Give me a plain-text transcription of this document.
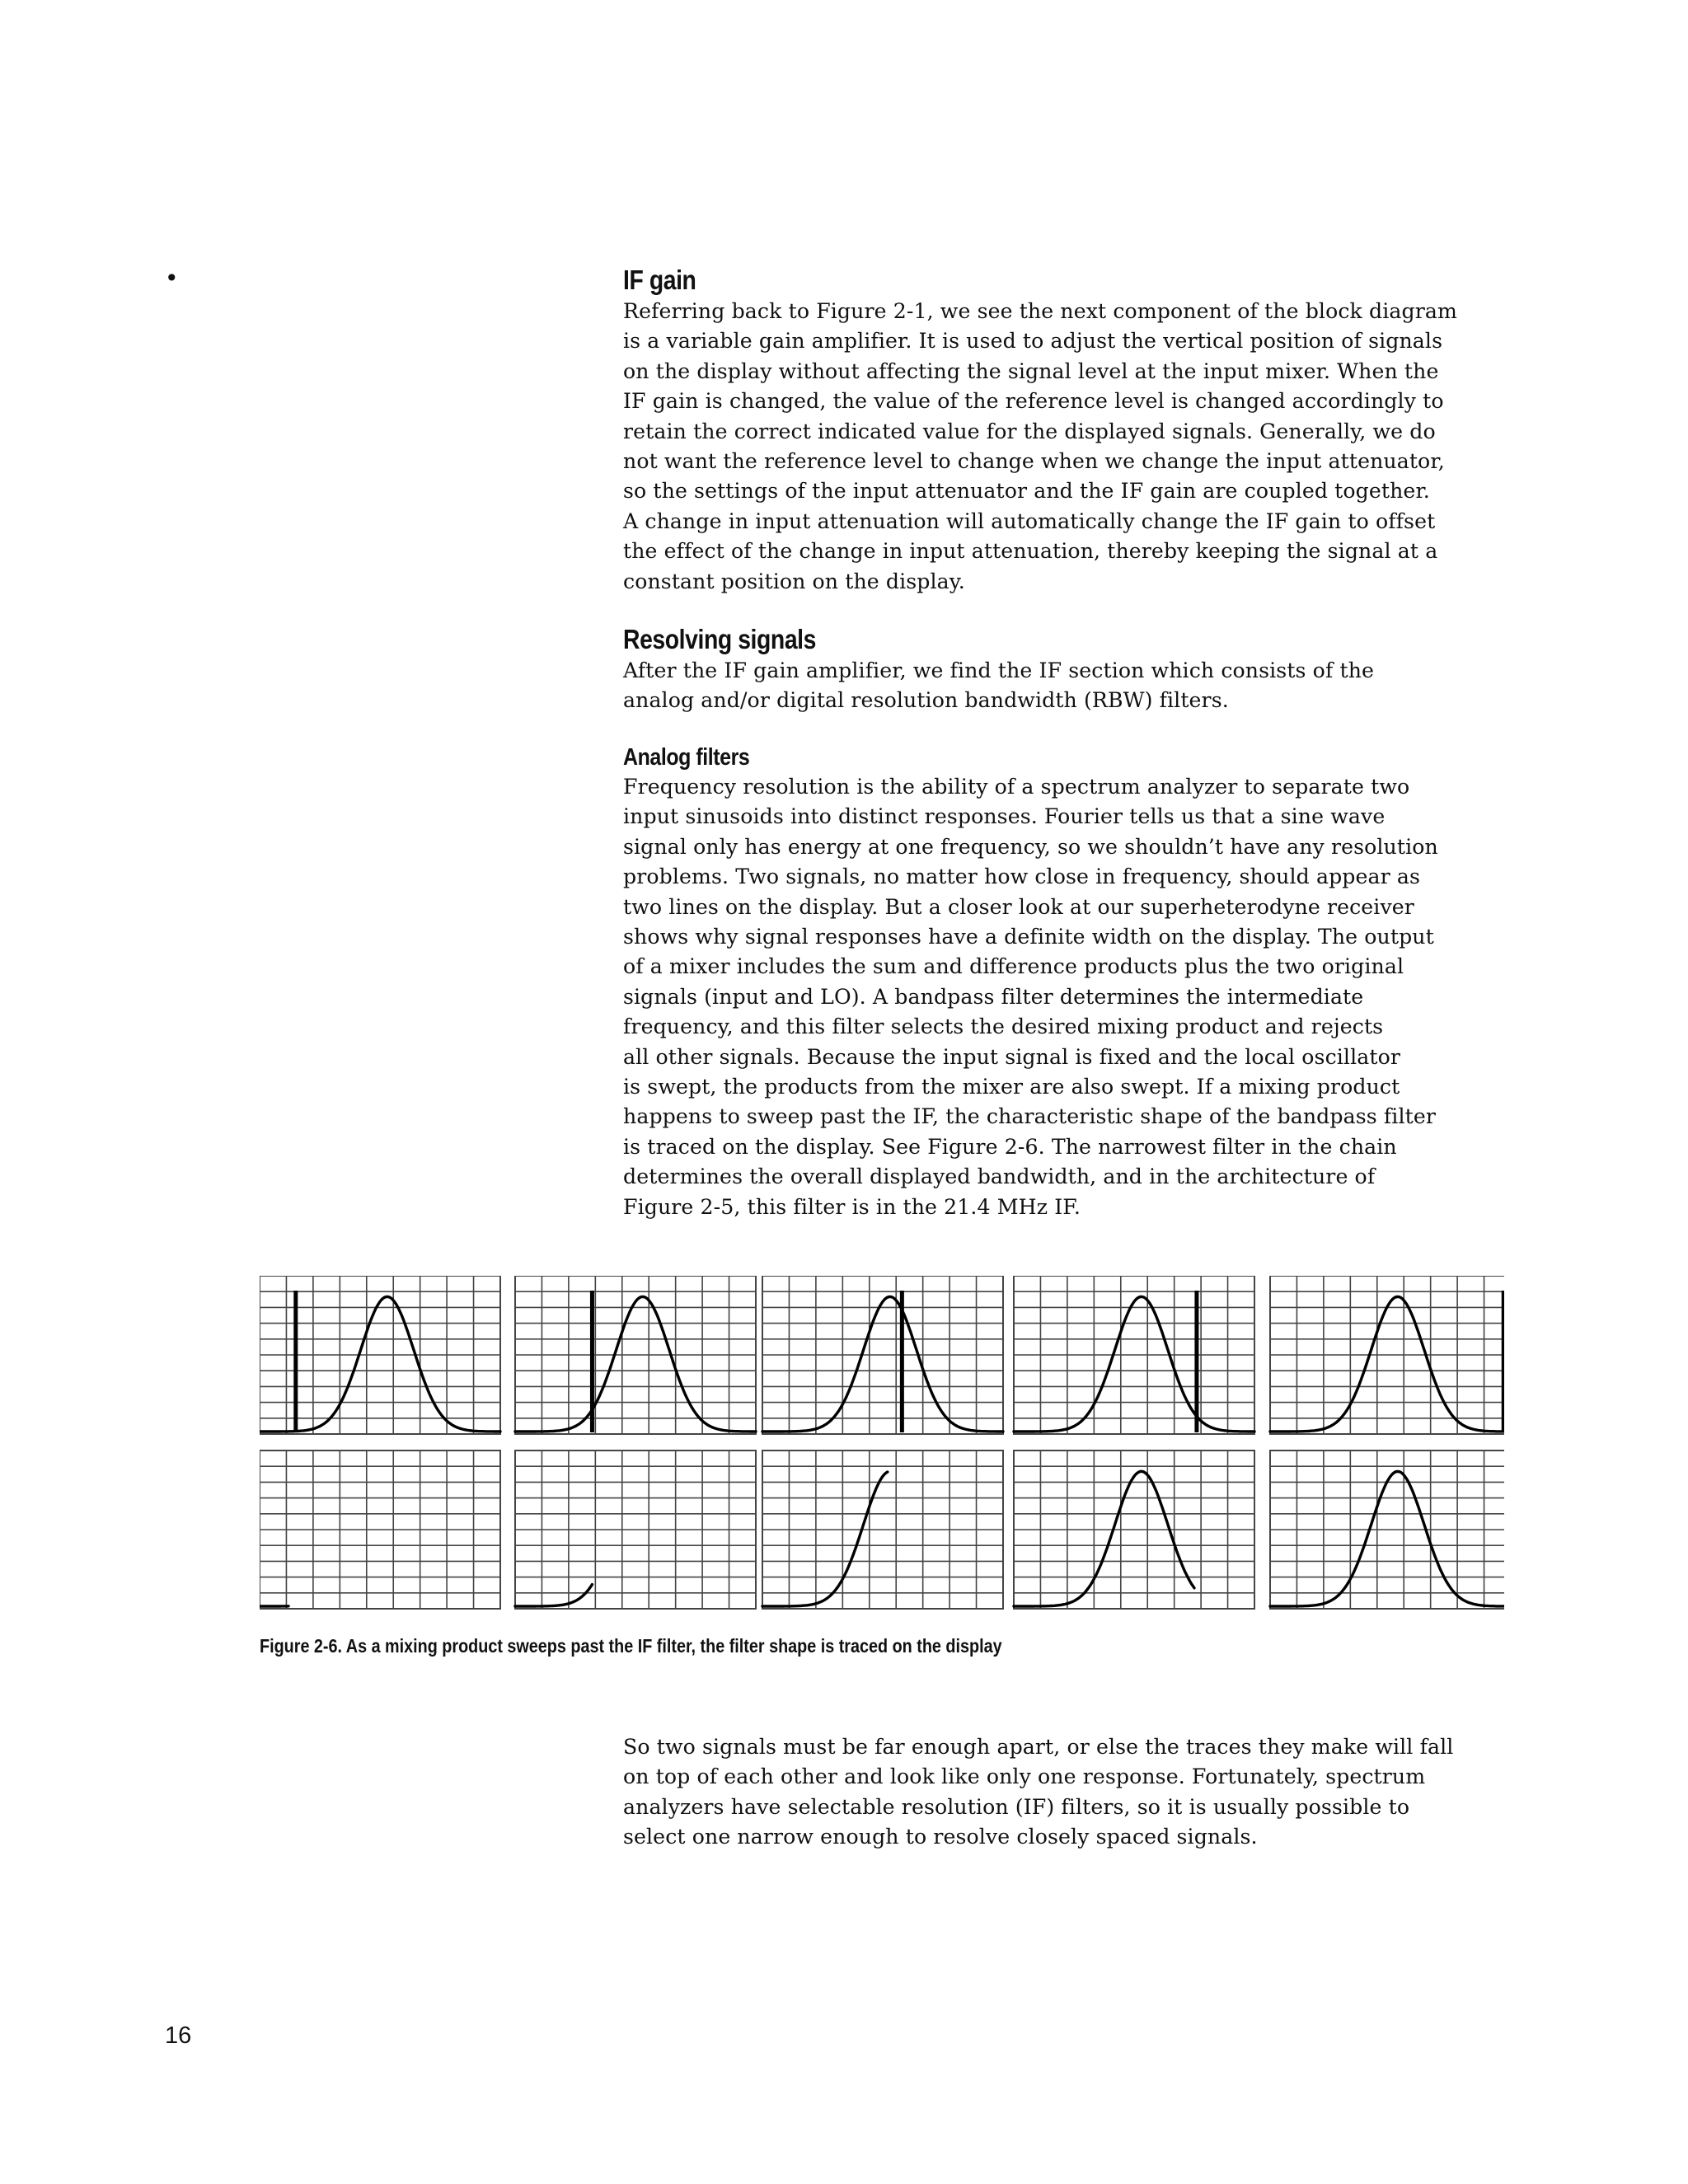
•	IF gain

Referring back to Figure 2-1, we see the next component of the block diagram
is a variable gain amplifier. It is used to adjust the vertical position of signals
on the display without affecting the signal level at the input mixer. When the
IF gain is changed, the value of the reference level is changed accordingly to
retain the correct indicated value for the displayed signals. Generally, we do
not want the reference level to change when we change the input attenuator,
so the settings of the input attenuator and the IF gain are coupled together.
A change in input attenuation will automatically change the IF gain to offset
the effect of the change in input attenuation, thereby keeping the signal at a
constant position on the display.

Resolving signals

After the IF gain amplifier, we find the IF section which consists of the
analog and/or digital resolution bandwidth (RBW) filters.

Analog filters

Frequency resolution is the ability of a spectrum analyzer to separate two
input sinusoids into distinct responses. Fourier tells us that a sine wave
signal only has energy at one frequency, so we shouldn’t have any resolution
problems. Two signals, no matter how close in frequency, should appear as
two lines on the display. But a closer look at our superheterodyne receiver
shows why signal responses have a definite width on the display. The output
of a mixer includes the sum and difference products plus the two original
signals (input and LO). A bandpass filter determines the intermediate
frequency, and this filter selects the desired mixing product and rejects
all other signals. Because the input signal is fixed and the local oscillator
is swept, the products from the mixer are also swept. If a mixing product
happens to sweep past the IF, the characteristic shape of the bandpass filter
is traced on the display. See Figure 2-6. The narrowest filter in the chain
determines the overall displayed bandwidth, and in the architecture of
Figure 2-5, this filter is in the 21.4 MHz IF.

Figure 2-6. As a mixing product sweeps past the IF filter, the filter shape is traced on the display

So two signals must be far enough apart, or else the traces they make will fall
on top of each other and look like only one response. Fortunately, spectrum
analyzers have selectable resolution (IF) filters, so it is usually possible to
select one narrow enough to resolve closely spaced signals.

16
